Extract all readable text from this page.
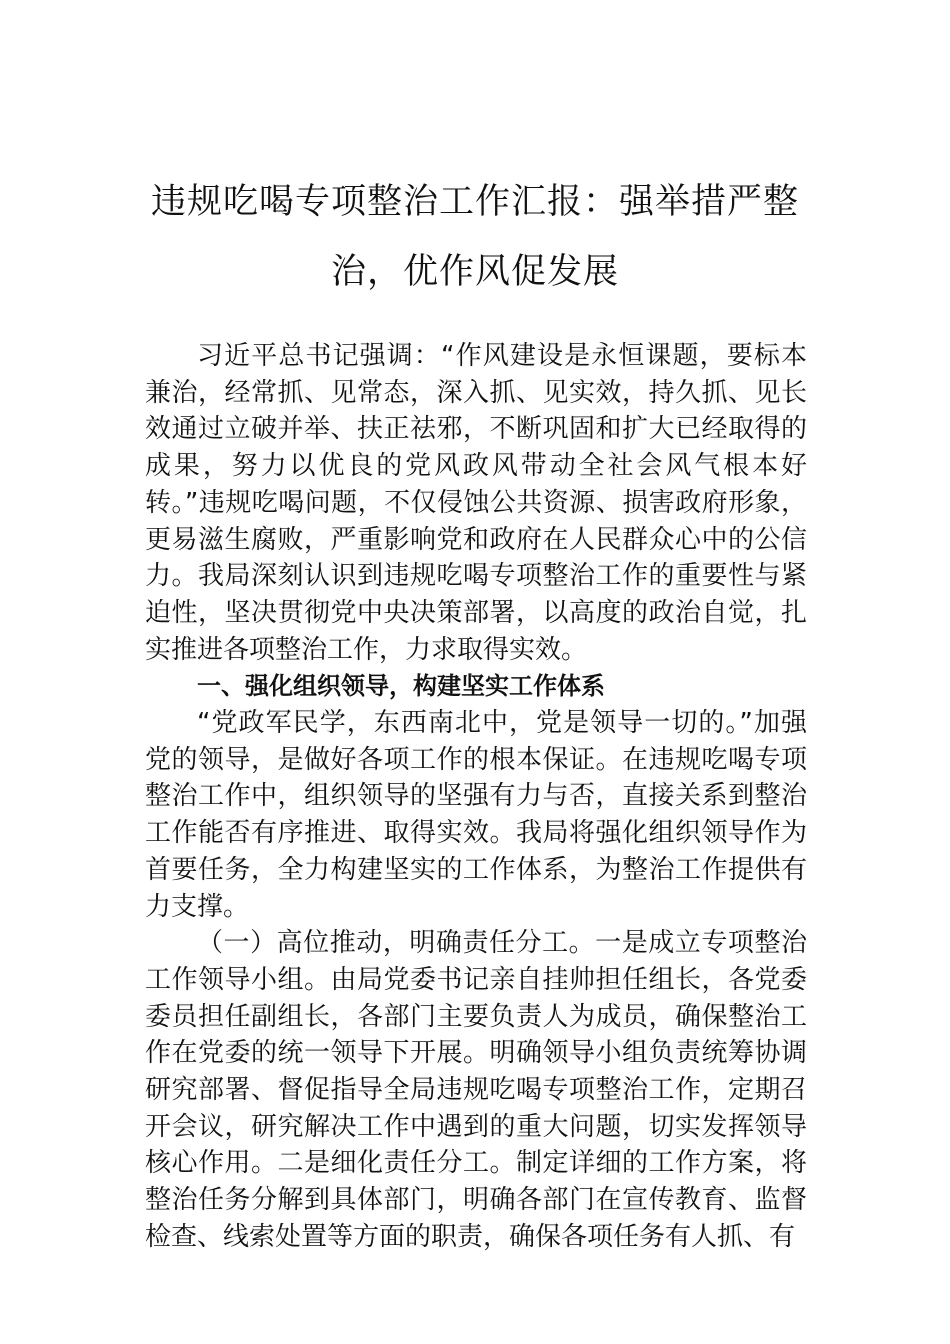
违规吃喝专项整治工作汇报：强举措严整
治，优作风促发展

习近平总书记强调：“作风建设是永恒课题，要标本兼治，经常抓、见常态，深入抓、见实效，持久抓、见长效通过立破并举、扶正祛邪，不断巩固和扩大已经取得的成果，努力以优良的党风政风带动全社会风气根本好转。”违规吃喝问题，不仅侵蚀公共资源、损害政府形象，更易滋生腐败，严重影响党和政府在人民群众心中的公信力。我局深刻认识到违规吃喝专项整治工作的重要性与紧迫性，坚决贯彻党中央决策部署，以高度的政治自觉，扎实推进各项整治工作，力求取得实效。

一、强化组织领导，构建坚实工作体系

“党政军民学，东西南北中，党是领导一切的。”加强党的领导，是做好各项工作的根本保证。在违规吃喝专项整治工作中，组织领导的坚强有力与否，直接关系到整治工作能否有序推进、取得实效。我局将强化组织领导作为首要任务，全力构建坚实的工作体系，为整治工作提供有力支撑。

（一）高位推动，明确责任分工。一是成立专项整治工作领导小组。由局党委书记亲自挂帅担任组长，各党委委员担任副组长，各部门主要负责人为成员，确保整治工作在党委的统一领导下开展。明确领导小组负责统筹协调研究部署、督促指导全局违规吃喝专项整治工作，定期召开会议，研究解决工作中遇到的重大问题，切实发挥领导核心作用。二是细化责任分工。制定详细的工作方案，将整治任务分解到具体部门，明确各部门在宣传教育、监督检查、线索处置等方面的职责，确保各项任务有人抓、有
